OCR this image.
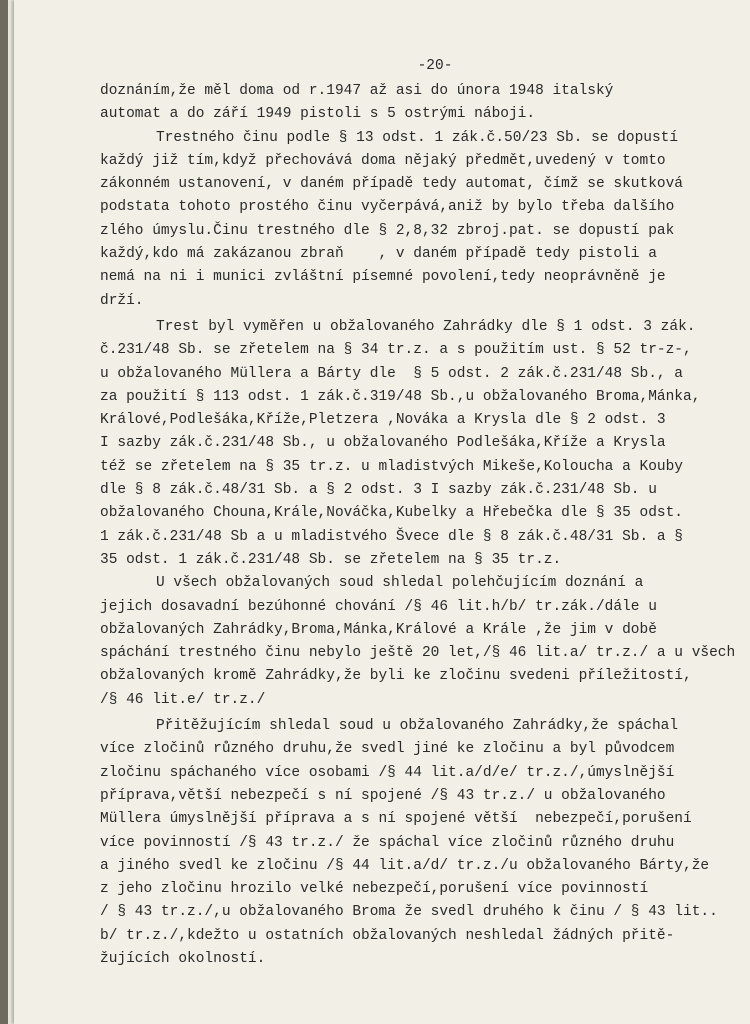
-20-

doznáním,že měl doma od r.1947 až asi do února 1948 italský

automat a do září 1949 pistoli s 5 ostrými náboji.

Trestného činu podle § 13 odst. 1 zák.č.50/23 Sb. se dopustí

každý již tím,když přechovává doma nějaký předmět,uvedený v tomto

zákonném ustanovení, v daném případě tedy automat, čímž se skutková

podstata tohoto prostého činu vyčerpává,aniž by bylo třeba dalšího

zlého úmyslu.Činu trestného dle § 2,8,32 zbroj.pat. se dopustí pak

každý,kdo má zakázanou zbraň    , v daném případě tedy pistoli a

nemá na ni i munici zvláštní písemné povolení,tedy neoprávněně je

drží.

Trest byl vyměřen u obžalovaného Zahrádky dle § 1 odst. 3 zák.

č.231/48 Sb. se zřetelem na § 34 tr.z. a s použitím ust. § 52 tr-z-,

u obžalovaného Müllera a Bárty dle  § 5 odst. 2 zák.č.231/48 Sb., a

za použití § 113 odst. 1 zák.č.319/48 Sb.,u obžalovaného Broma,Mánka,

Králové,Podlešáka,Kříže,Pletzera ,Nováka a Krysla dle § 2 odst. 3

I sazby zák.č.231/48 Sb., u obžalovaného Podlešáka,Kříže a Krysla

též se zřetelem na § 35 tr.z. u mladistvých Mikeše,Koloucha a Kouby

dle § 8 zák.č.48/31 Sb. a § 2 odst. 3 I sazby zák.č.231/48 Sb. u

obžalovaného Chouna,Krále,Nováčka,Kubelky a Hřebečka dle § 35 odst.

1 zák.č.231/48 Sb a u mladistvého Švece dle § 8 zák.č.48/31 Sb. a §

35 odst. 1 zák.č.231/48 Sb. se zřetelem na § 35 tr.z.

U všech obžalovaných soud shledal polehčujícím doznání a

jejich dosavadní bezúhonné chování /§ 46 lit.h/b/ tr.zák./dále u

obžalovaných Zahrádky,Broma,Mánka,Králové a Krále ,že jim v době

spáchání trestného činu nebylo ještě 20 let,/§ 46 lit.a/ tr.z./ a u všech

obžalovaných kromě Zahrádky,že byli ke zločinu svedeni příležitostí,

/§ 46 lit.e/ tr.z./

Přitěžujícím shledal soud u obžalovaného Zahrádky,že spáchal

více zločinů různého druhu,že svedl jiné ke zločinu a byl původcem

zločinu spáchaného více osobami /§ 44 lit.a/d/e/ tr.z./,úmyslnější

příprava,větší nebezpečí s ní spojené /§ 43 tr.z./ u obžalovaného

Müllera úmyslnější příprava a s ní spojené větší  nebezpečí,porušení

více povinností /§ 43 tr.z./ že spáchal více zločinů různého druhu

a jiného svedl ke zločinu /§ 44 lit.a/d/ tr.z./u obžalovaného Bárty,že

z jeho zločinu hrozilo velké nebezpečí,porušení více povinností

/ § 43 tr.z./,u obžalovaného Broma že svedl druhého k činu / § 43 lit..

b/ tr.z./,kdežto u ostatních obžalovaných neshledal žádných přitě-

žujících okolností.
